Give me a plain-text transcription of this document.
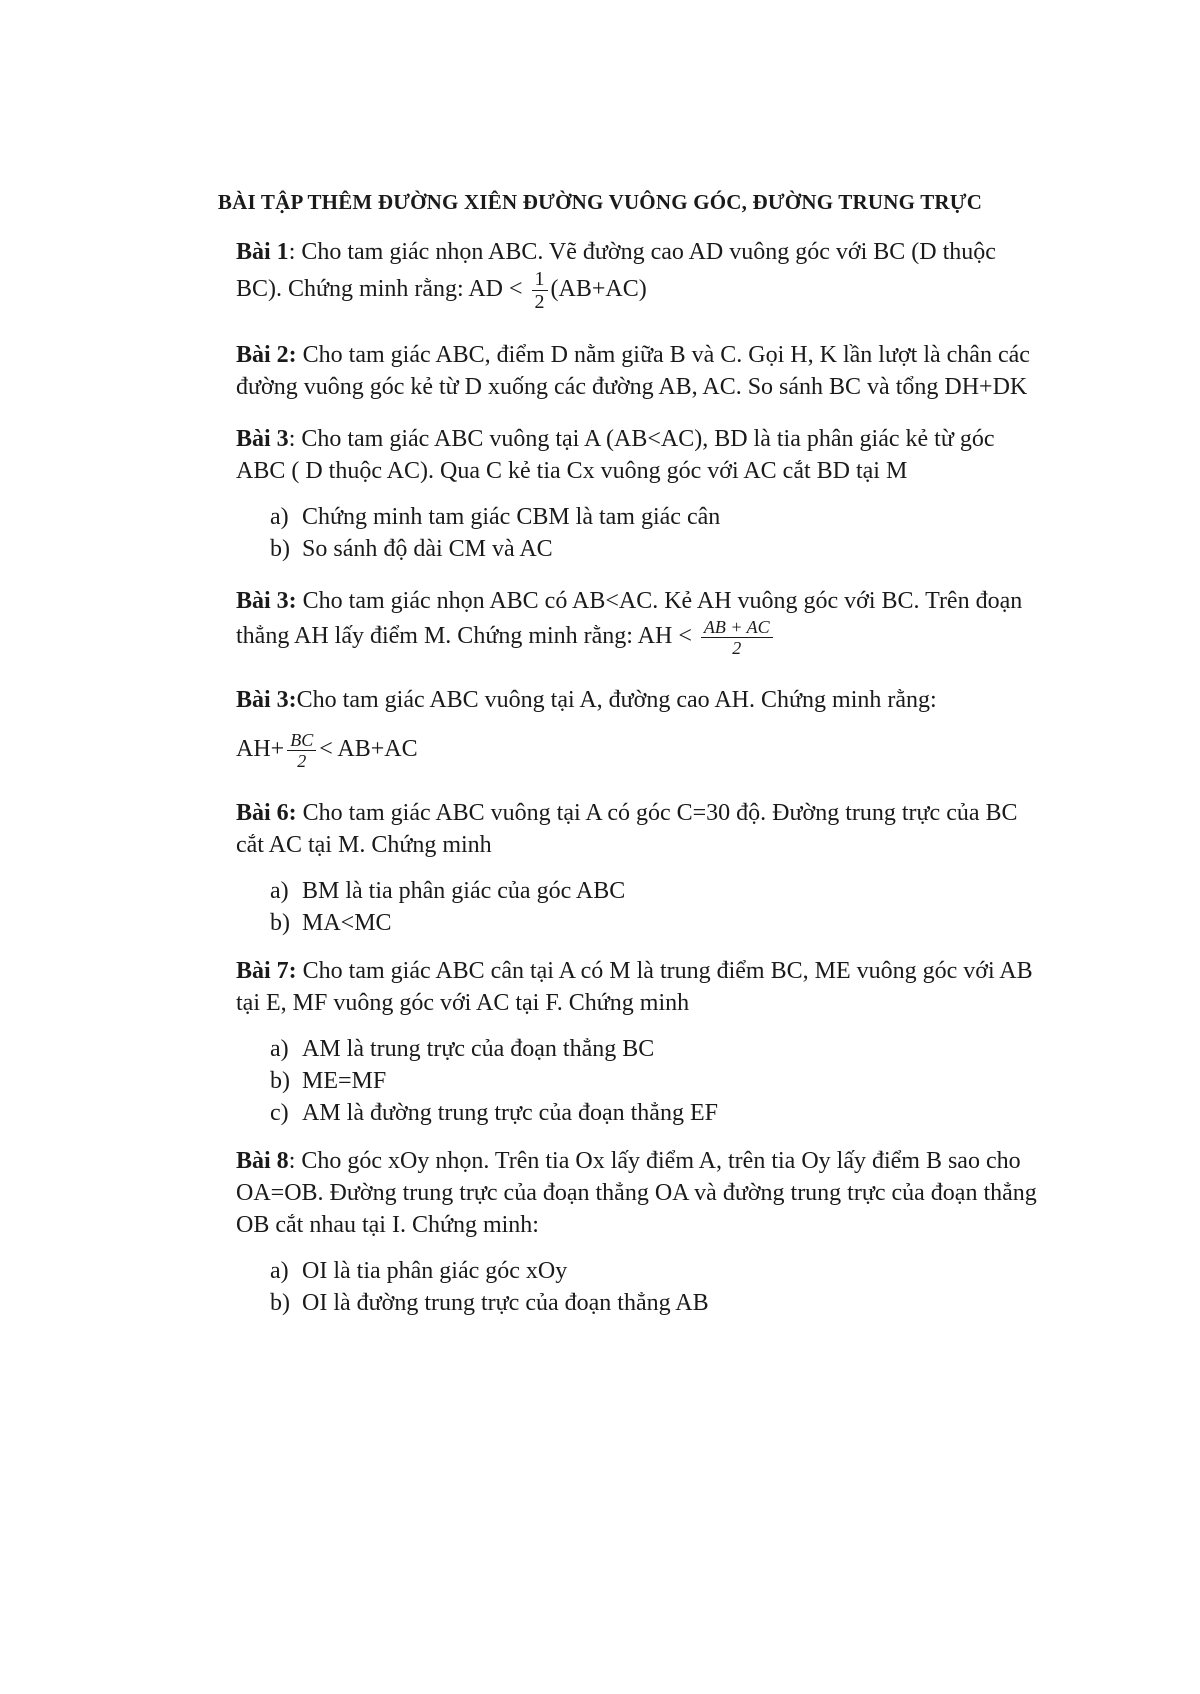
BÀI TẬP THÊM ĐƯỜNG XIÊN ĐƯỜNG VUÔNG GÓC, ĐƯỜNG TRUNG TRỰC

Bài 1: Cho tam giác nhọn ABC. Vẽ đường cao AD vuông góc với BC (D thuộc
BC). Chứng minh rằng: AD < $\frac{1}{2} (AB+AC)$

Bài 2: Cho tam giác ABC, điểm D nằm giữa B và C. Gọi H, K lần lượt là chân các
đường vuông góc kẻ từ D xuống các đường AB, AC. So sánh BC và tổng DH+DK

Bài 3: Cho tam giác ABC vuông tại A (AB<AC), BD là tia phân giác kẻ từ góc
ABC ( D thuộc AC). Qua C kẻ tia Cx vuông góc với AC cắt BD tại M

a) Chứng minh tam giác CBM là tam giác cân
b) So sánh độ dài CM và AC

Bài 3: Cho tam giác nhọn ABC có AB<AC. Kẻ AH vuông góc với BC. Trên đoạn
thẳng AH lấy điểm M. Chứng minh rằng: AH < $\frac{AB + AC}{2}$

Bài 3:Cho tam giác ABC vuông tại A, đường cao AH. Chứng minh rằng:

$AH+ \frac{BC}{2} < AB+AC$

Bài 6: Cho tam giác ABC vuông tại A có góc C=30 độ. Đường trung trực của BC
cắt AC tại M. Chứng minh

a) BM là tia phân giác của góc ABC
b) MA<MC

Bài 7: Cho tam giác ABC cân tại A có M là trung điểm BC, ME vuông góc với AB
tại E, MF vuông góc với AC tại F. Chứng minh

a) AM là trung trực của đoạn thẳng BC
b) ME=MF
c) AM là đường trung trực của đoạn thẳng EF

Bài 8: Cho góc xOy nhọn. Trên tia Ox lấy điểm A, trên tia Oy lấy điểm B sao cho
OA=OB. Đường trung trực của đoạn thẳng OA và đường trung trực của đoạn thẳng
OB cắt nhau tại I. Chứng minh:

a) OI là tia phân giác góc xOy
b) OI là đường trung trực của đoạn thẳng AB
